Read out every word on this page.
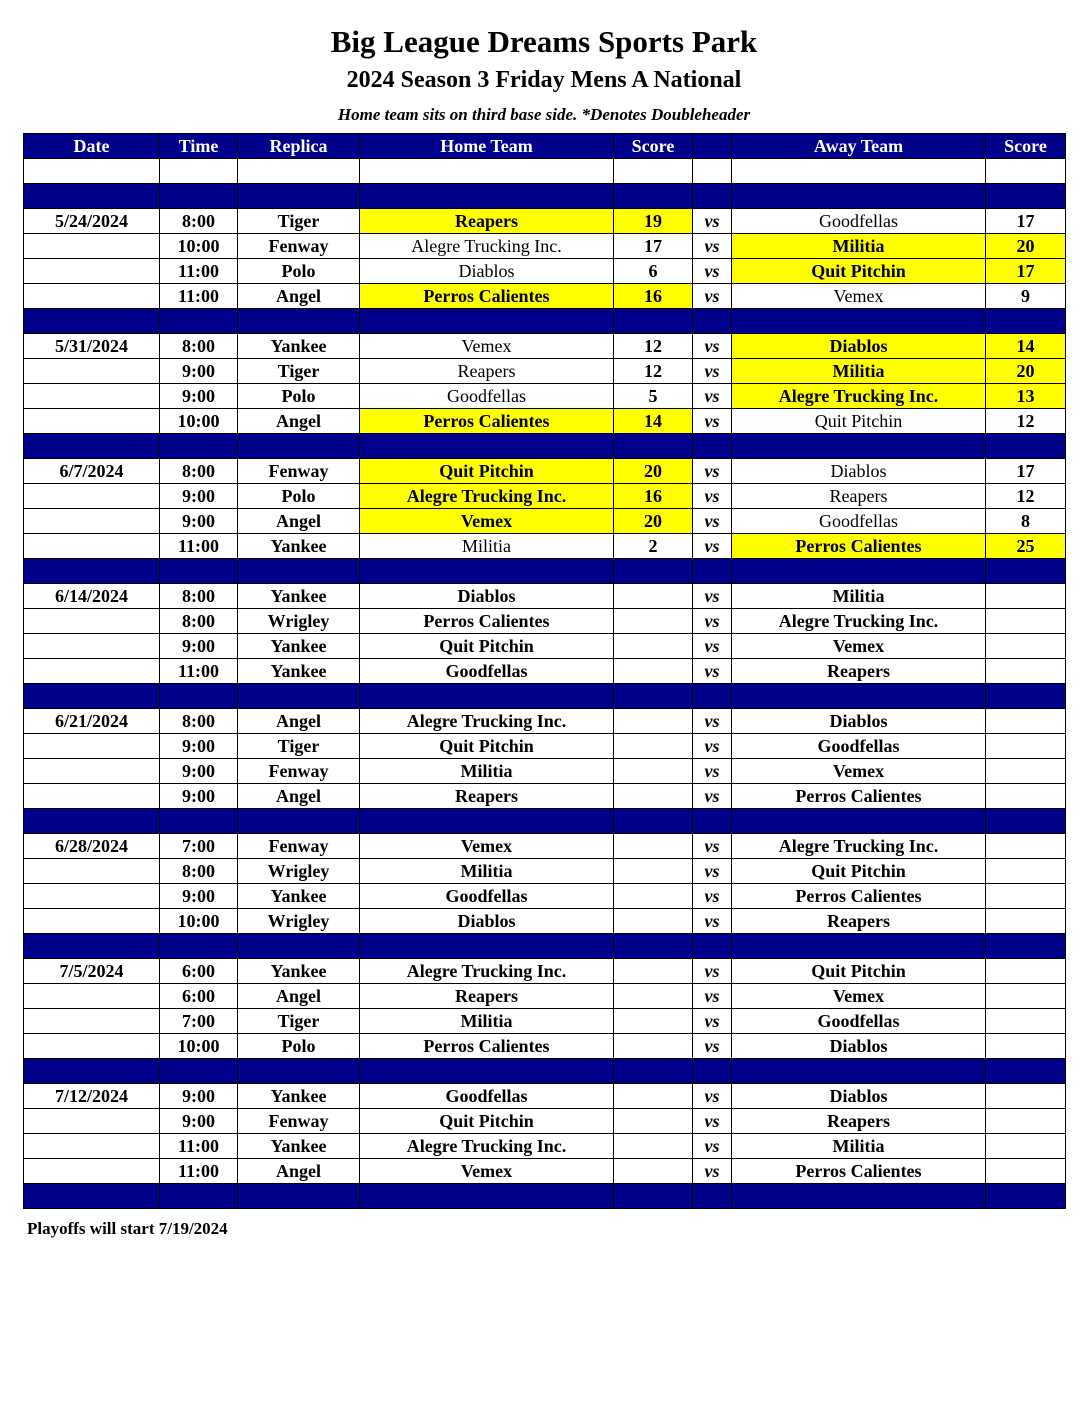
Big League Dreams Sports Park
2024 Season 3 Friday Mens A National
Home team sits on third base side. *Denotes Doubleheader
Date	Time	Replica	Home Team	Score		Away Team	Score

5/24/2024	8:00	Tiger	Reapers	19	vs	Goodfellas	17
	10:00	Fenway	Alegre Trucking Inc.	17	vs	Militia	20
	11:00	Polo	Diablos	6	vs	Quit Pitchin	17
	11:00	Angel	Perros Calientes	16	vs	Vemex	9

5/31/2024	8:00	Yankee	Vemex	12	vs	Diablos	14
	9:00	Tiger	Reapers	12	vs	Militia	20
	9:00	Polo	Goodfellas	5	vs	Alegre Trucking Inc.	13
	10:00	Angel	Perros Calientes	14	vs	Quit Pitchin	12

6/7/2024	8:00	Fenway	Quit Pitchin	20	vs	Diablos	17
	9:00	Polo	Alegre Trucking Inc.	16	vs	Reapers	12
	9:00	Angel	Vemex	20	vs	Goodfellas	8
	11:00	Yankee	Militia	2	vs	Perros Calientes	25

6/14/2024	8:00	Yankee	Diablos		vs	Militia	
	8:00	Wrigley	Perros Calientes		vs	Alegre Trucking Inc.	
	9:00	Yankee	Quit Pitchin		vs	Vemex	
	11:00	Yankee	Goodfellas		vs	Reapers	

6/21/2024	8:00	Angel	Alegre Trucking Inc.		vs	Diablos	
	9:00	Tiger	Quit Pitchin		vs	Goodfellas	
	9:00	Fenway	Militia		vs	Vemex	
	9:00	Angel	Reapers		vs	Perros Calientes	

6/28/2024	7:00	Fenway	Vemex		vs	Alegre Trucking Inc.	
	8:00	Wrigley	Militia		vs	Quit Pitchin	
	9:00	Yankee	Goodfellas		vs	Perros Calientes	
	10:00	Wrigley	Diablos		vs	Reapers	

7/5/2024	6:00	Yankee	Alegre Trucking Inc.		vs	Quit Pitchin	
	6:00	Angel	Reapers		vs	Vemex	
	7:00	Tiger	Militia		vs	Goodfellas	
	10:00	Polo	Perros Calientes		vs	Diablos	

7/12/2024	9:00	Yankee	Goodfellas		vs	Diablos	
	9:00	Fenway	Quit Pitchin		vs	Reapers	
	11:00	Yankee	Alegre Trucking Inc.		vs	Militia	
	11:00	Angel	Vemex		vs	Perros Calientes	

Playoffs will start 7/19/2024
